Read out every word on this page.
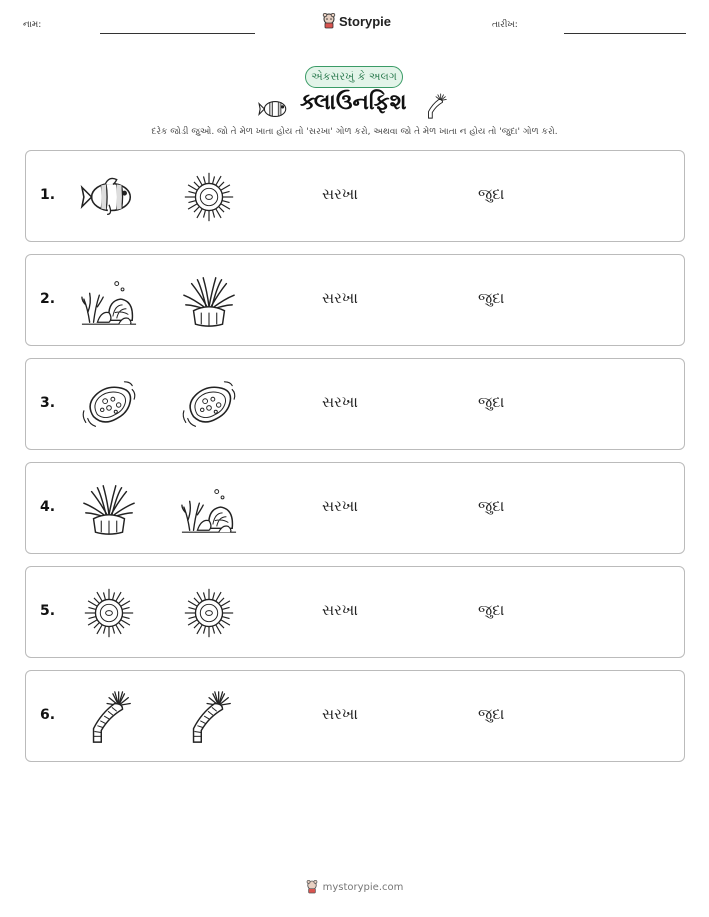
નામ:	Storypie	તારીખ:
એકસરખું કે અલગ
ક્લાઉનફિશ
દરેક જોડી જુઓ. જો તે મેળ ખાતા હોય તો 'સરખા' ગોળ કરો, અથવા જો તે મેળ ખાતા ન હોય તો 'જુદા' ગોળ કરો.
1.	સરખા	જુદા
2.	સરખા	જુદા
3.	સરખા	જુદા
4.	સરખા	જુદા
5.	સરખા	જુદા
6.	સરખા	જુદા
mystorypie.com
